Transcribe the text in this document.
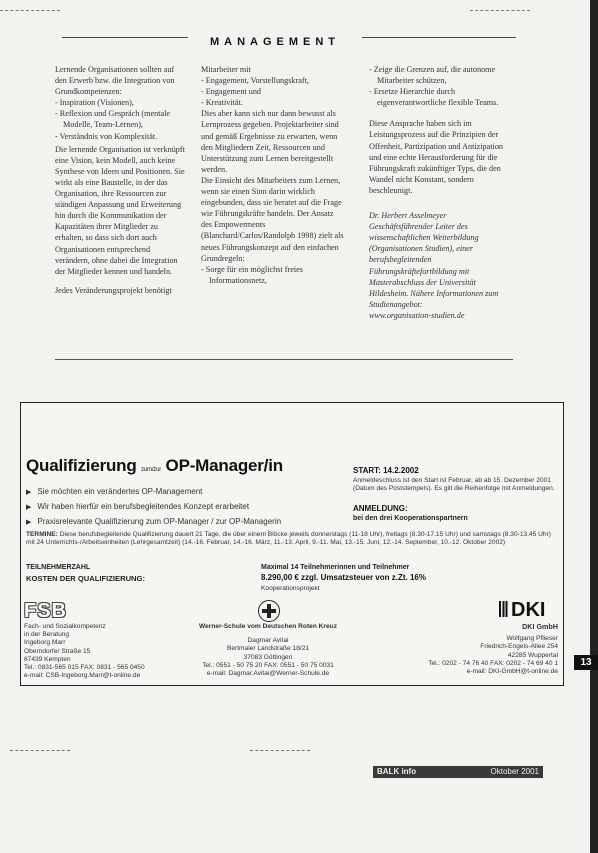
MANAGEMENT

Lernende Organisationen sollten auf den Erwerb bzw. die Integration von Grundkompetenzen:

- Inspiration (Visionen),
- Reflexion und Gespräch (mentale Modelle, Team-Lernen),
- Verständnis von Komplexität.

Die lernende Organisation ist verknüpft eine Vision, kein Modell, auch keine Synthese von Ideen und Positionen. Sie wirkt als eine Baustelle, in der das Organisation, ihre Ressourcen zur ständigen Anpassung und Erweiterung hin durch die Kommunikation der Kapazitäten ihrer Mitglieder zu erhalten, so dass sich dort auch Organisationen entsprechend verändern, ohne dabei die Integration der Mitglieder kennen und handeln.

Jedes Veränderungsprojekt benötigt

Mitarbeiter mit

- Engagement, Vorstellungskraft,
- Engagement und
- Kreativität.

Dies aber kann sich nur dann bewusst als Lernprozess gegeben. Projektarbeiter sind und gemäß Ergebnisse zu erwarten, wenn den Mitgliedern Zeit, Ressourcen und Unterstützung zum Lernen bereitgestellt werden.

Die Einsicht des Mitarbeiters zum Lernen, wenn sie einen Sinn darin wirklich eingebunden, dass sie beratet auf die Frage wie Führungskräfte handeln. Der Ansatz des Empowerments (Blanchard/Carlos/Randolph 1998) zielt als neues Führungskonzept auf den einfachen Grundregeln:

- Sorge für ein möglichst freies Informationsnetz,
- Zeige die Grenzen auf, die autonome Mitarbeiter schützen,
- Ersetze Hierarchie durch eigenverantwortliche flexible Teams.

Diese Ansprache haben sich im Leistungsprozess auf die Prinzipien der Offenheit, Partizipation und Antizipation und eine echte Herausforderung für die Führungskraft zukünftiger Typs, die den Wandel nicht Konstant, sondern beschleunigt.

Dr. Herbert Asselmeyer
Geschäftsführender Leiter des wissenschaftlichen Weiterbildung (Organisationen Studien), einer berufsbegleitenden Führungskräftefortbildung mit Masterabschluss der Universität Hildesheim. Nähere Informationen zum Studienangebot:
www.organisation-studien.de
Qualifizierung zum/zur OP-Manager/in
▶ Sie möchten ein verändertes OP-Management
▶ Wir haben hierfür ein berufsbegleitendes Konzept erarbeitet
▶ Praxisrelevante Qualifizierung zum OP-Manager / zur OP-Managerin
START: 14.2.2002
Anmeldeschluss ist den Start ist Februar, ab ab 15. Dezember 2001 (Datum des Poststempels). Es gilt die Reihenfolge mit Anmeldungen.
ANMELDUNG:
bei den drei Kooperationspartnern
TERMINE: Diese berufsbegleitende Qualifizierung dauert 21 Tage, die über einem Blöcke jeweils donnerstags (11-18 Uhr), freitags (8.30-17.15 Uhr) und samstags (8.30-13.45 Uhr) mit 24 Unterrichts-/Arbeitseinheiten (Lehrgesamtzeit) (14.-16. Februar, 14.-16. März, 11.-13. April, 9.-11. Mai, 13.-15. Juni, 12.-14. September, 10.-12. Oktober 2002)
TEILNEHMERZAHL	Maximal 14 Teilnehmerinnen und Teilnehmer
KOSTEN DER QUALIFIZIERUNG:	8.290,00 € zzgl. Umsatzsteuer von z.Zt. 16%
Kooperationsprojekt
FSB
Fach- und Sozialkompetenz
in der Beratung
Ingeborg Marr
Oberndorfer Straße 15
87439 Kempten
Tel.: 0831-565 015 FAX: 0831 - 565 0450
e-mail: CSB-Ingeborg.Marr@t-online.de
Werner-Schule vom Deutschen Roten Kreuz
Dagmar Avitai
Bertmaier Landstraße 18/21
37083 Göttingen
Tel.: 0551 - 50 75 20 FAX: 0551 - 50 75 0031
e-mail: Dagmar.Avitai@Werner-Schule.de
DKI
DKI GmbH
Wolfgang Pflieser
Friedrich-Engels-Allee 254
42285 Wuppertal
Tel.: 0202 - 74 76 40 FAX: 0202 - 74 69 40 1
e-mail: DKI-GmbH@t-online.de
13
BALK info	Oktober 2001
